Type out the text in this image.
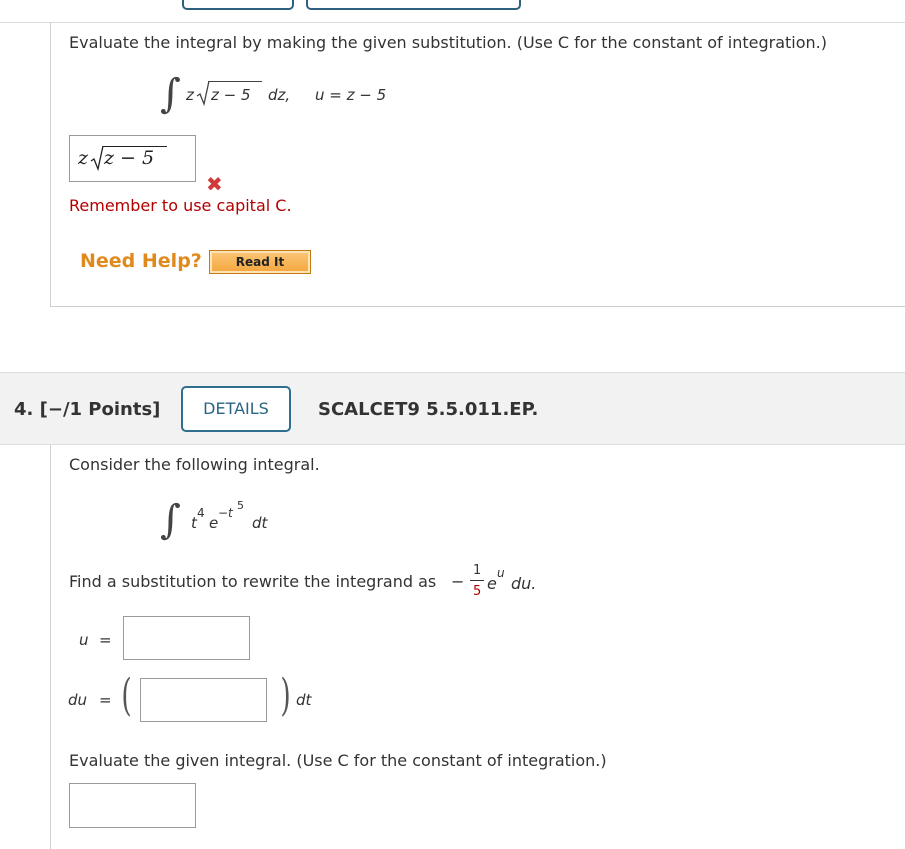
Evaluate the integral by making the given substitution. (Use C for the constant of integration.)
∫ z z − 5 dz, u = z − 5
z z − 5
✖
Remember to use capital C.
Need Help?	Read It
4. [−/1 Points]	DETAILS	SCALCET9 5.5.011.EP.
Consider the following integral.
∫ t
4
e
−t
5
dt
Find a substitution to rewrite the integrand as −
1
5 e
u
du.
u =
du = (	) dt
Evaluate the given integral. (Use C for the constant of integration.)
